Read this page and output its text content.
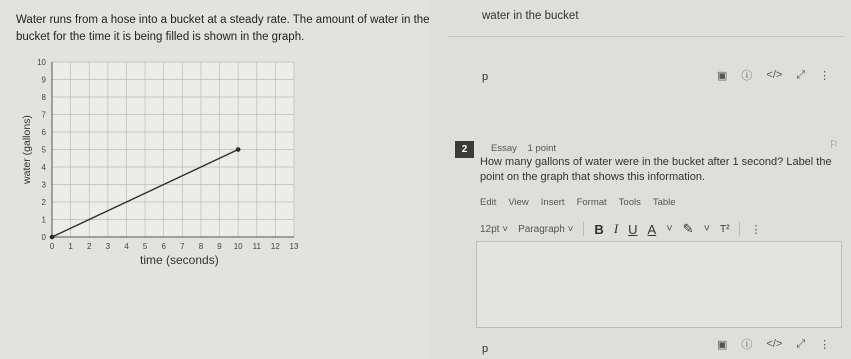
Water runs from a hose into a bucket at a steady rate. The amount of water in the bucket for the time it is being filled is shown in the graph.
0 1 2 3 4 5 6 7 8 9 10 11 12 13
0
1
2
3
4
5
6
7
8
9
10
water (gallons)
time (seconds)
water in the bucket
p	▣ ⓘ </> ⤢ ⋮
2	Essay 1 point	⚐
How many gallons of water were in the bucket after 1 second? Label the point on the graph that shows this information.
Edit View Insert Format Tools Table
12pt ˅ Paragraph ˅ B I U A ˅ ✎ ˅ T² ⋮
p	▣ ⓘ </> ⤢ ⋮
